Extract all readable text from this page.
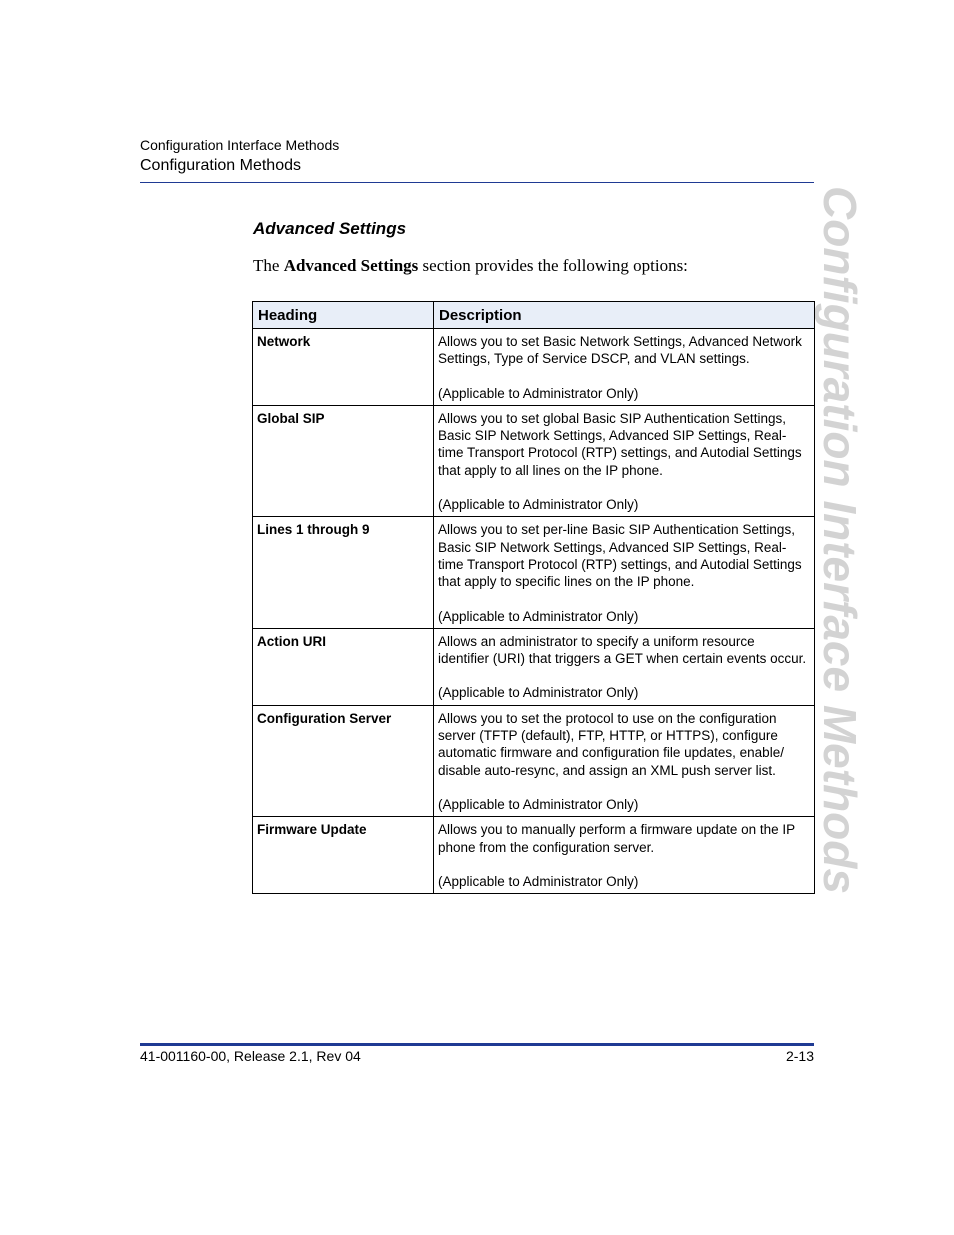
Configuration Interface Methods
Configuration Methods
Configuration Interface Methods
Advanced Settings
The Advanced Settings section provides the following options:
Heading	Description
Network	Allows you to set Basic Network Settings, Advanced Network Settings, Type of Service DSCP, and VLAN settings.
(Applicable to Administrator Only)

Global SIP	Allows you to set global Basic SIP Authentication Settings, Basic SIP Network Settings, Advanced SIP Settings, Real-time Transport Protocol (RTP) settings, and Autodial Settings that apply to all lines on the IP phone.
(Applicable to Administrator Only)

Lines 1 through 9	Allows you to set per-line Basic SIP Authentication Settings, Basic SIP Network Settings, Advanced SIP Settings, Real-time Transport Protocol (RTP) settings, and Autodial Settings that apply to specific lines on the IP phone.
(Applicable to Administrator Only)

Action URI	Allows an administrator to specify a uniform resource identifier (URI) that triggers a GET when certain events occur.
(Applicable to Administrator Only)

Configuration Server	Allows you to set the protocol to use on the configuration server (TFTP (default), FTP, HTTP, or HTTPS), configure automatic firmware and configuration file updates, enable/ disable auto-resync, and assign an XML push server list.
(Applicable to Administrator Only)

Firmware Update	Allows you to manually perform a firmware update on the IP phone from the configuration server.
(Applicable to Administrator Only)
41-001160-00, Release 2.1, Rev 04	2-13
